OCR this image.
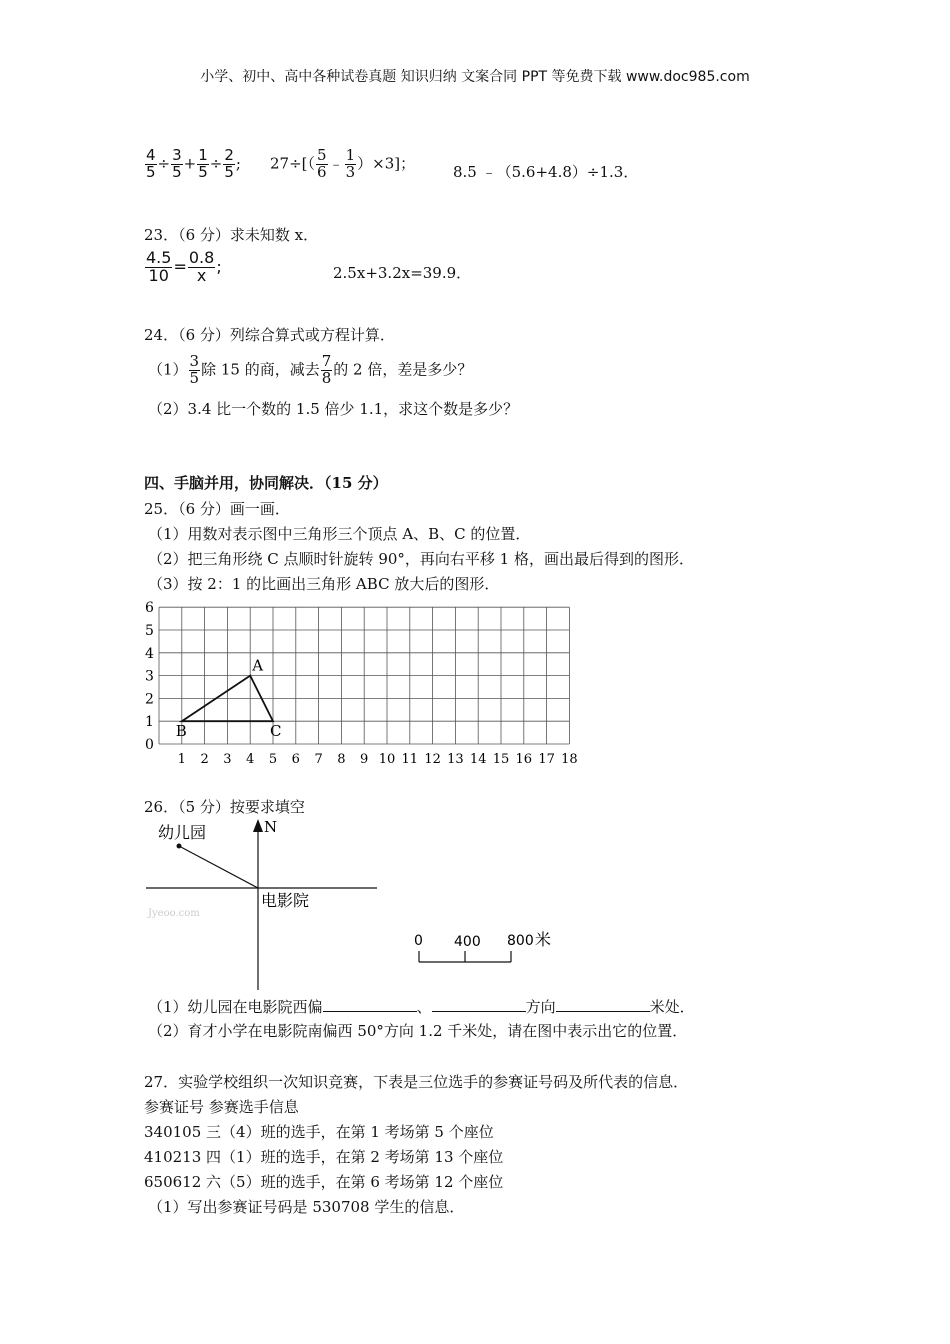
小学、初中、高中各种试卷真题 知识归纳 文案合同 PPT 等免费下载 www.doc985.com
$\frac{4}{5} \div \frac{3}{5} + \frac{1}{5} \div \frac{2}{5}$ ; $27\div[( \frac{5}{6}$ ﹣ $\frac{1}{3} )\times 3$]；	8.5 ﹣（5.6+4.8）÷1.3．
23．（6 分）求未知数 x．
$\frac{4.5}{10} = \frac{0.8}{x}$ ;	2.5x+3.2x=39.9．
24．（6 分）列综合算式或方程计算．
$(1) \frac{3}{5}$ 除 15 的商，减去 $\frac{7}{8}$ 的 2 倍，差是多少？
（2）3.4 比一个数的 1.5 倍少 1.1，求这个数是多少？
四、手脑并用，协同解决．（15 分）
25．（6 分）画一画．
（1）用数对表示图中三角形三个顶点 A、B、C 的位置．
（2）把三角形绕 C 点顺时针旋转 90°，再向右平移 1 格，画出最后得到的图形．
（3）按 2：1 的比画出三角形 ABC 放大后的图形．
0
1
2
3
4
5
6
1 2 3 4 5 6 7 8 9 10 11 12 13 14 15 16 17 18
A
B	C
26．（5 分）按要求填空
N
幼儿园
电影院
Jyeoo.com
0 400 800 米
（1）幼儿园在电影院西偏	、	方向	米处．
（2）育才小学在电影院南偏西 50°方向 1.2 千米处，请在图中表示出它的位置．
27．实验学校组织一次知识竞赛，下表是三位选手的参赛证号码及所代表的信息．
参赛证号 参赛选手信息
340105 三（4）班的选手，在第 1 考场第 5 个座位
410213 四（1）班的选手，在第 2 考场第 13 个座位
650612 六（5）班的选手，在第 6 考场第 12 个座位
（1）写出参赛证号码是 530708 学生的信息．
